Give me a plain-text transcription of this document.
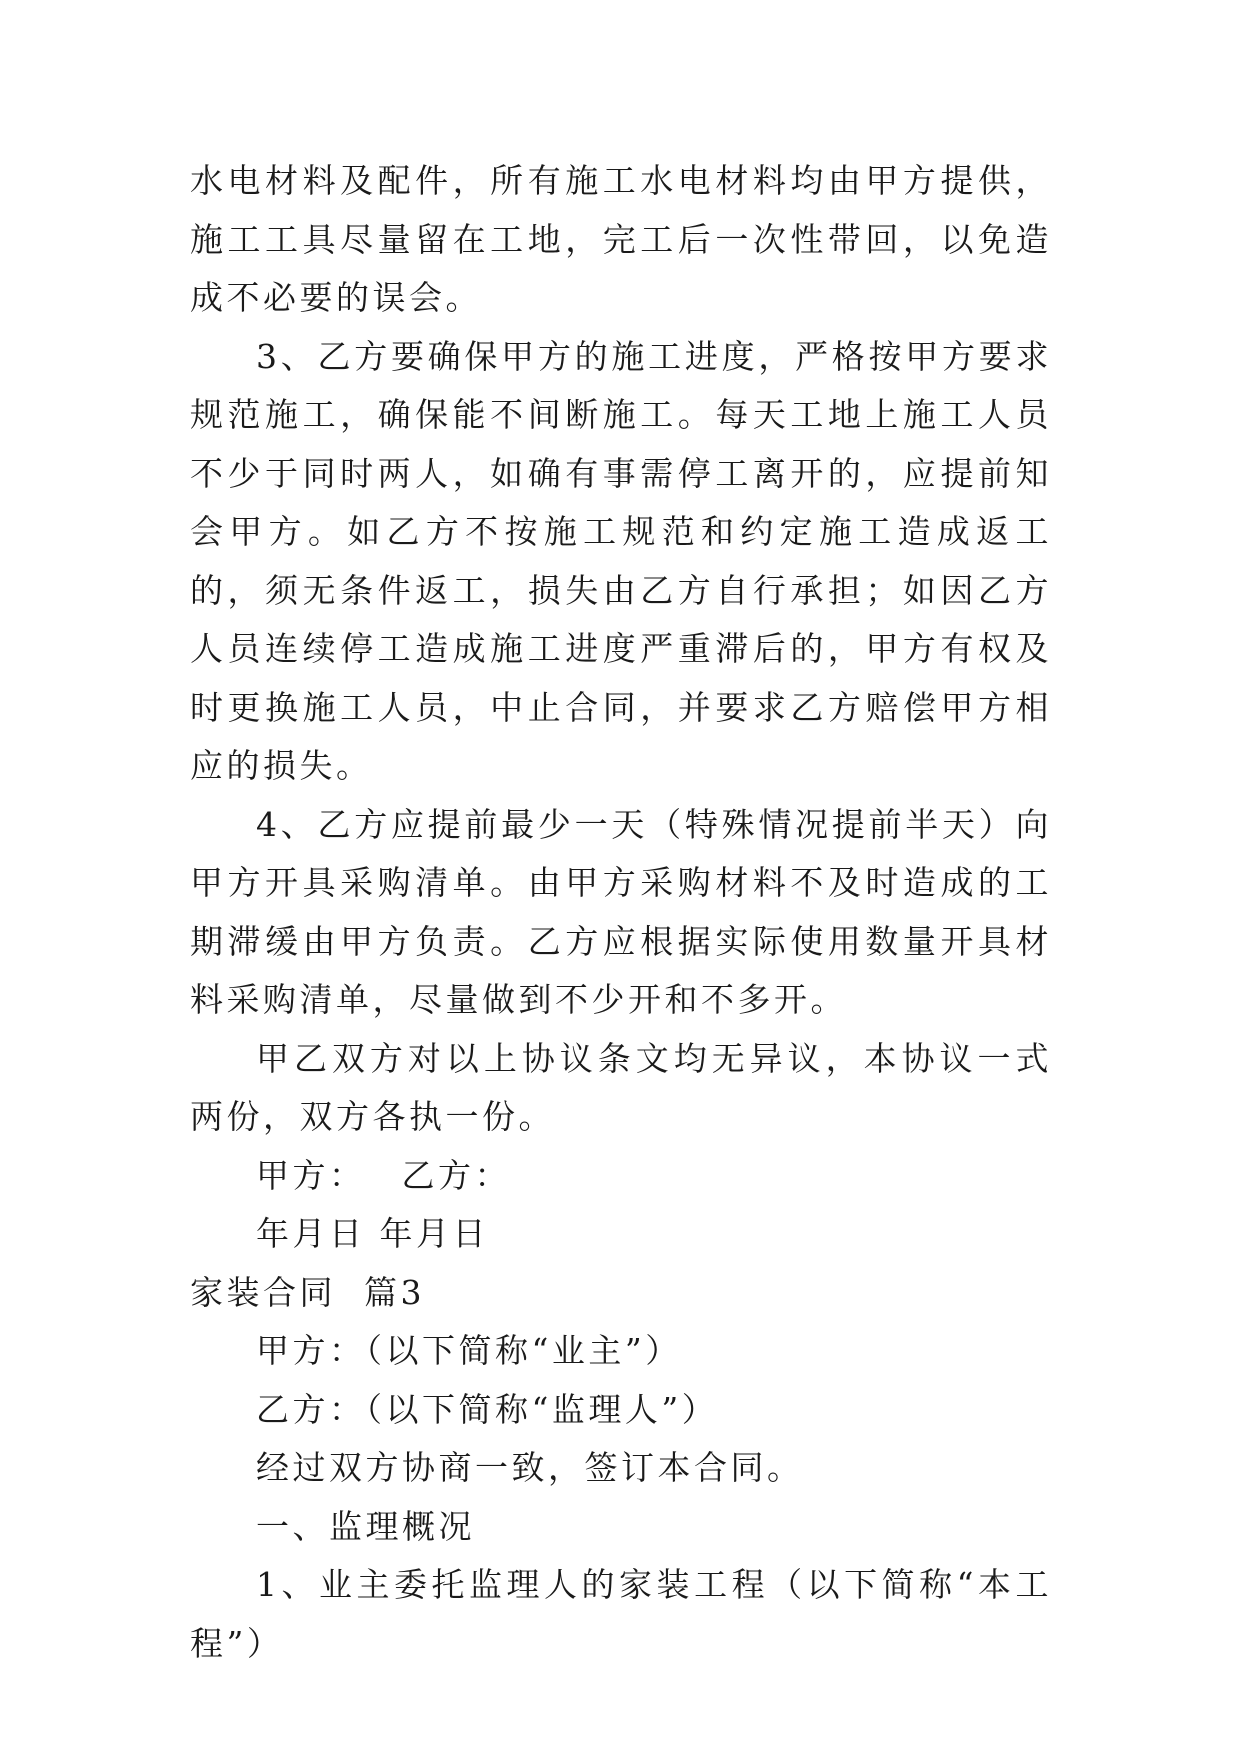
水电材料及配件，所有施工水电材料均由甲方提供，施工工具尽量留在工地，完工后一次性带回，以免造成不必要的误会。

3、乙方要确保甲方的施工进度，严格按甲方要求规范施工，确保能不间断施工。每天工地上施工人员不少于同时两人，如确有事需停工离开的，应提前知会甲方。如乙方不按施工规范和约定施工造成返工的，须无条件返工，损失由乙方自行承担；如因乙方人员连续停工造成施工进度严重滞后的，甲方有权及时更换施工人员，中止合同，并要求乙方赔偿甲方相应的损失。

4、乙方应提前最少一天（特殊情况提前半天）向甲方开具采购清单。由甲方采购材料不及时造成的工期滞缓由甲方负责。乙方应根据实际使用数量开具材料采购清单，尽量做到不少开和不多开。

甲乙双方对以上协议条文均无异议，本协议一式两份，双方各执一份。

甲方： 乙方：
年月日 年月日

家装合同  篇3

甲方：（以下简称“业主”）

乙方：（以下简称“监理人”）

经过双方协商一致，签订本合同。

一、监理概况

1、业主委托监理人的家装工程（以下简称“本工程”）
